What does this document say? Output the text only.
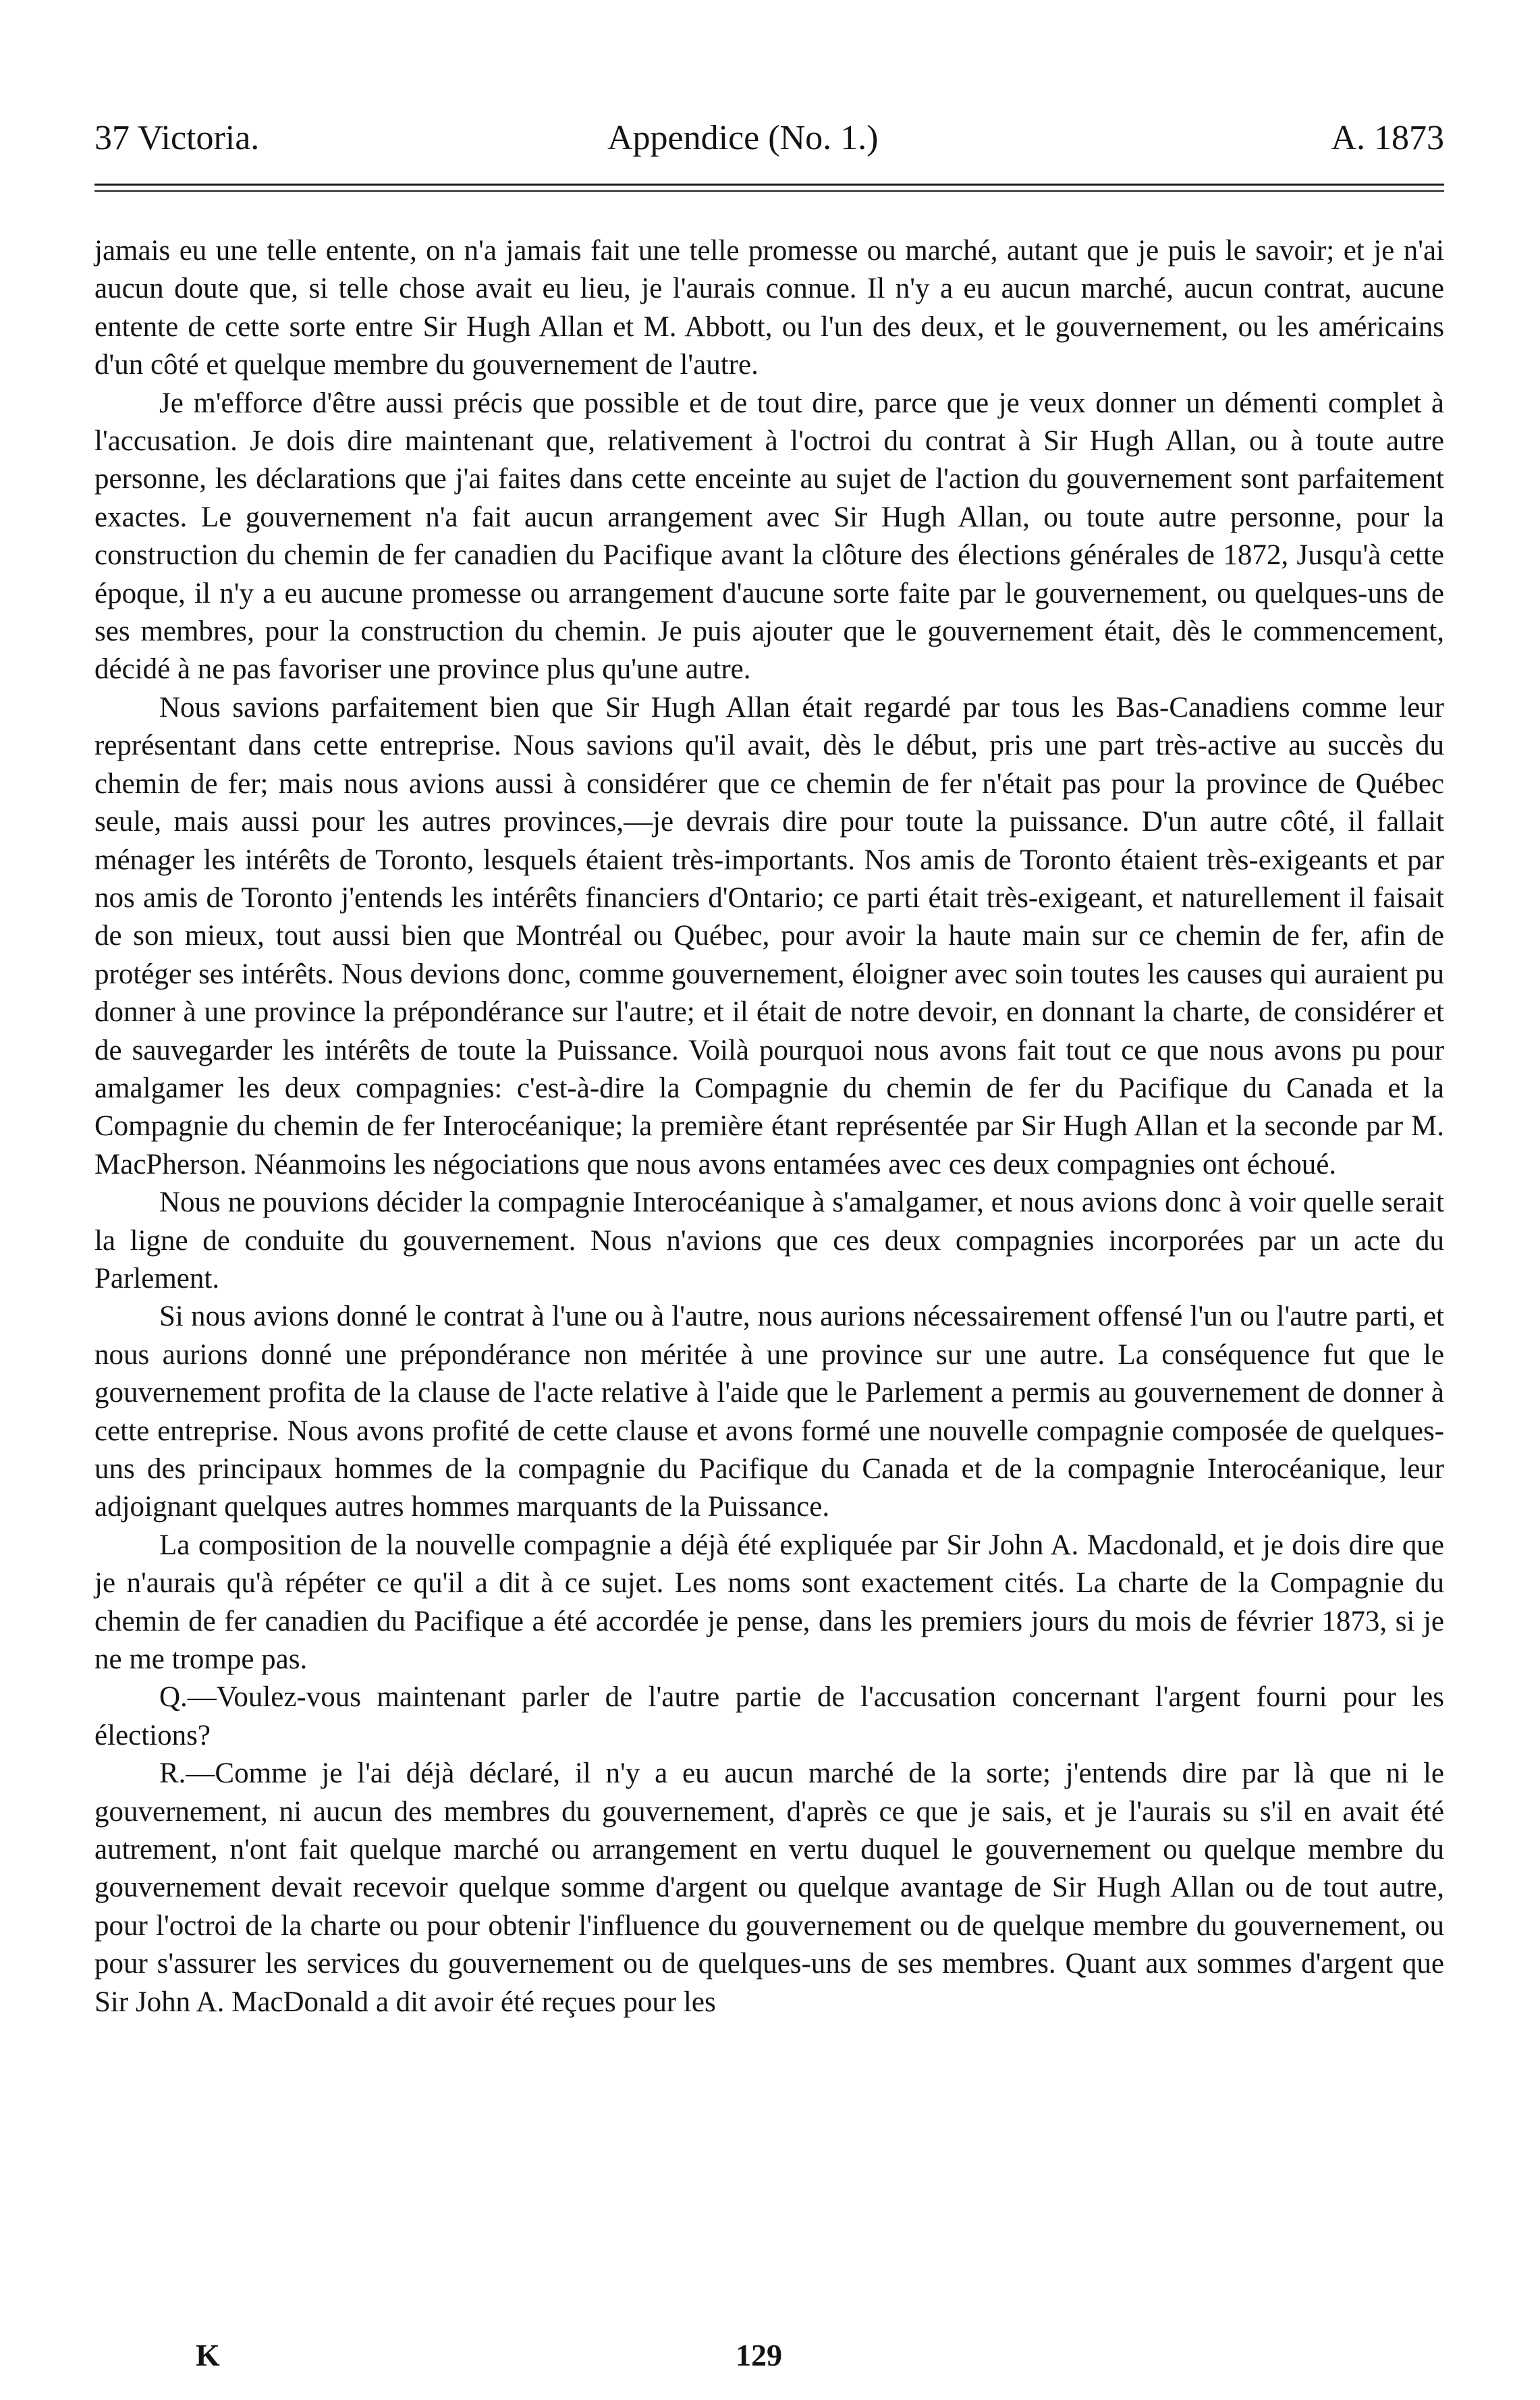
37 Victoria.	Appendice (No. 1.)	A. 1873

jamais eu une telle entente, on n'a jamais fait une telle promesse ou marché, autant que je puis le savoir; et je n'ai aucun doute que, si telle chose avait eu lieu, je l'aurais connue. Il n'y a eu aucun marché, aucun contrat, aucune entente de cette sorte entre Sir Hugh Allan et M. Abbott, ou l'un des deux, et le gouvernement, ou les américains d'un côté et quelque membre du gouvernement de l'autre.

Je m'efforce d'être aussi précis que possible et de tout dire, parce que je veux donner un démenti complet à l'accusation. Je dois dire maintenant que, relativement à l'octroi du contrat à Sir Hugh Allan, ou à toute autre personne, les déclarations que j'ai faites dans cette enceinte au sujet de l'action du gouvernement sont parfaitement exactes. Le gouvernement n'a fait aucun arrangement avec Sir Hugh Allan, ou toute autre personne, pour la construction du chemin de fer canadien du Pacifique avant la clôture des élections générales de 1872, Jusqu'à cette époque, il n'y a eu aucune promesse ou arrangement d'aucune sorte faite par le gouvernement, ou quelques-uns de ses membres, pour la construction du chemin. Je puis ajouter que le gouvernement était, dès le commencement, décidé à ne pas favoriser une province plus qu'une autre.

Nous savions parfaitement bien que Sir Hugh Allan était regardé par tous les Bas-Canadiens comme leur représentant dans cette entreprise. Nous savions qu'il avait, dès le début, pris une part très-active au succès du chemin de fer; mais nous avions aussi à considérer que ce chemin de fer n'était pas pour la province de Québec seule, mais aussi pour les autres provinces,—je devrais dire pour toute la puissance. D'un autre côté, il fallait ménager les intérêts de Toronto, lesquels étaient très-importants. Nos amis de Toronto étaient très-exigeants et par nos amis de Toronto j'entends les intérêts financiers d'Ontario; ce parti était très-exigeant, et naturellement il faisait de son mieux, tout aussi bien que Montréal ou Québec, pour avoir la haute main sur ce chemin de fer, afin de protéger ses intérêts. Nous devions donc, comme gouvernement, éloigner avec soin toutes les causes qui auraient pu donner à une province la prépondérance sur l'autre; et il était de notre devoir, en donnant la charte, de considérer et de sauvegarder les intérêts de toute la Puissance. Voilà pourquoi nous avons fait tout ce que nous avons pu pour amalgamer les deux compagnies: c'est-à-dire la Compagnie du chemin de fer du Pacifique du Canada et la Compagnie du chemin de fer Interocéanique; la première étant représentée par Sir Hugh Allan et la seconde par M. MacPherson. Néanmoins les négociations que nous avons entamées avec ces deux compagnies ont échoué.

Nous ne pouvions décider la compagnie Interocéanique à s'amalgamer, et nous avions donc à voir quelle serait la ligne de conduite du gouvernement. Nous n'avions que ces deux compagnies incorporées par un acte du Parlement.

Si nous avions donné le contrat à l'une ou à l'autre, nous aurions nécessairement offensé l'un ou l'autre parti, et nous aurions donné une prépondérance non méritée à une province sur une autre. La conséquence fut que le gouvernement profita de la clause de l'acte relative à l'aide que le Parlement a permis au gouvernement de donner à cette entreprise. Nous avons profité de cette clause et avons formé une nouvelle compagnie composée de quelques-uns des principaux hommes de la compagnie du Pacifique du Canada et de la compagnie Interocéanique, leur adjoignant quelques autres hommes marquants de la Puissance.

La composition de la nouvelle compagnie a déjà été expliquée par Sir John A. Macdonald, et je dois dire que je n'aurais qu'à répéter ce qu'il a dit à ce sujet. Les noms sont exactement cités. La charte de la Compagnie du chemin de fer canadien du Pacifique a été accordée je pense, dans les premiers jours du mois de février 1873, si je ne me trompe pas.

Q.—Voulez-vous maintenant parler de l'autre partie de l'accusation concernant l'argent fourni pour les élections?

R.—Comme je l'ai déjà déclaré, il n'y a eu aucun marché de la sorte; j'entends dire par là que ni le gouvernement, ni aucun des membres du gouvernement, d'après ce que je sais, et je l'aurais su s'il en avait été autrement, n'ont fait quelque marché ou arrangement en vertu duquel le gouvernement ou quelque membre du gouvernement devait recevoir quelque somme d'argent ou quelque avantage de Sir Hugh Allan ou de tout autre, pour l'octroi de la charte ou pour obtenir l'influence du gouvernement ou de quelque membre du gouvernement, ou pour s'assurer les services du gouvernement ou de quelques-uns de ses membres. Quant aux sommes d'argent que Sir John A. MacDonald a dit avoir été reçues pour les

K	129
